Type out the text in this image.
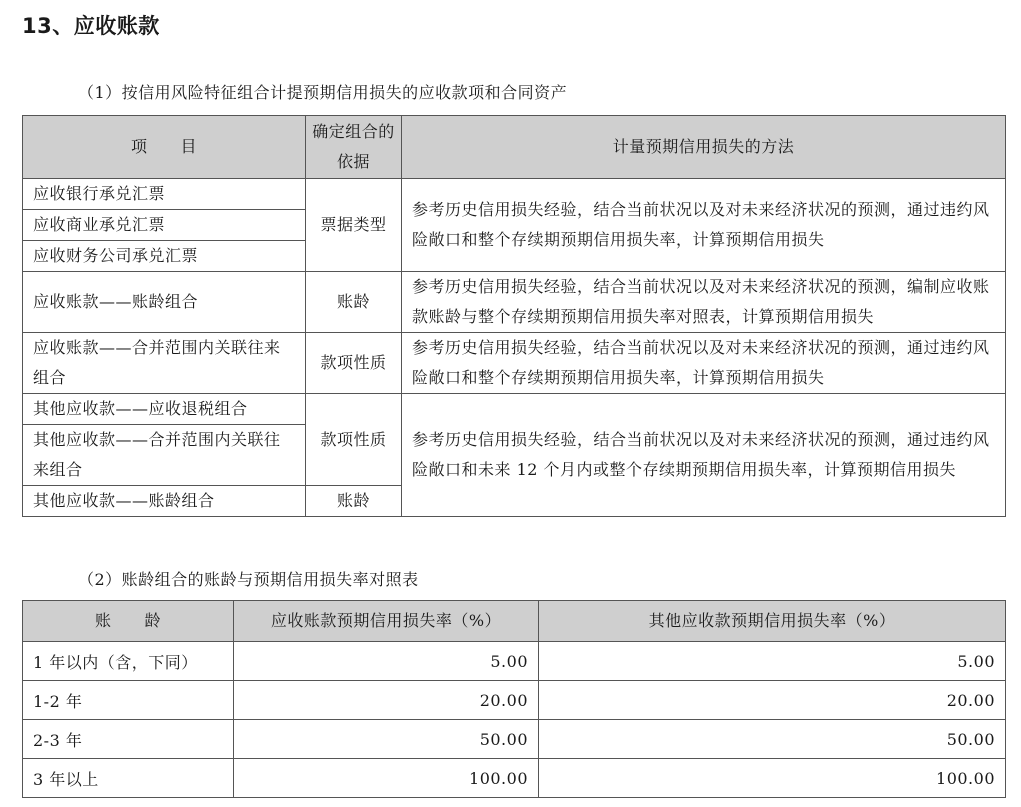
13、应收账款
（1）按信用风险特征组合计提预期信用损失的应收款项和合同资产
项　　目	确定组合的依据	计量预期信用损失的方法
应收银行承兑汇票	票据类型	参考历史信用损失经验，结合当前状况以及对未来经济状况的预测，通过违约风险敞口和整个存续期预期信用损失率，计算预期信用损失
应收商业承兑汇票		
应收财务公司承兑汇票		
应收账款——账龄组合	账龄	参考历史信用损失经验，结合当前状况以及对未来经济状况的预测，编制应收账款账龄与整个存续期预期信用损失率对照表，计算预期信用损失
应收账款——合并范围内关联往来组合	款项性质	参考历史信用损失经验，结合当前状况以及对未来经济状况的预测，通过违约风险敞口和整个存续期预期信用损失率，计算预期信用损失
其他应收款——应收退税组合	款项性质	参考历史信用损失经验，结合当前状况以及对未来经济状况的预测，通过违约风险敞口和未来 12 个月内或整个存续期预期信用损失率，计算预期信用损失
其他应收款——合并范围内关联往来组合		
其他应收款——账龄组合	账龄	
（2）账龄组合的账龄与预期信用损失率对照表
账　　龄	应收账款预期信用损失率（%）	其他应收款预期信用损失率（%）
1 年以内（含，下同）	5.00	5.00
1-2 年	20.00	20.00
2-3 年	50.00	50.00
3 年以上	100.00	100.00
